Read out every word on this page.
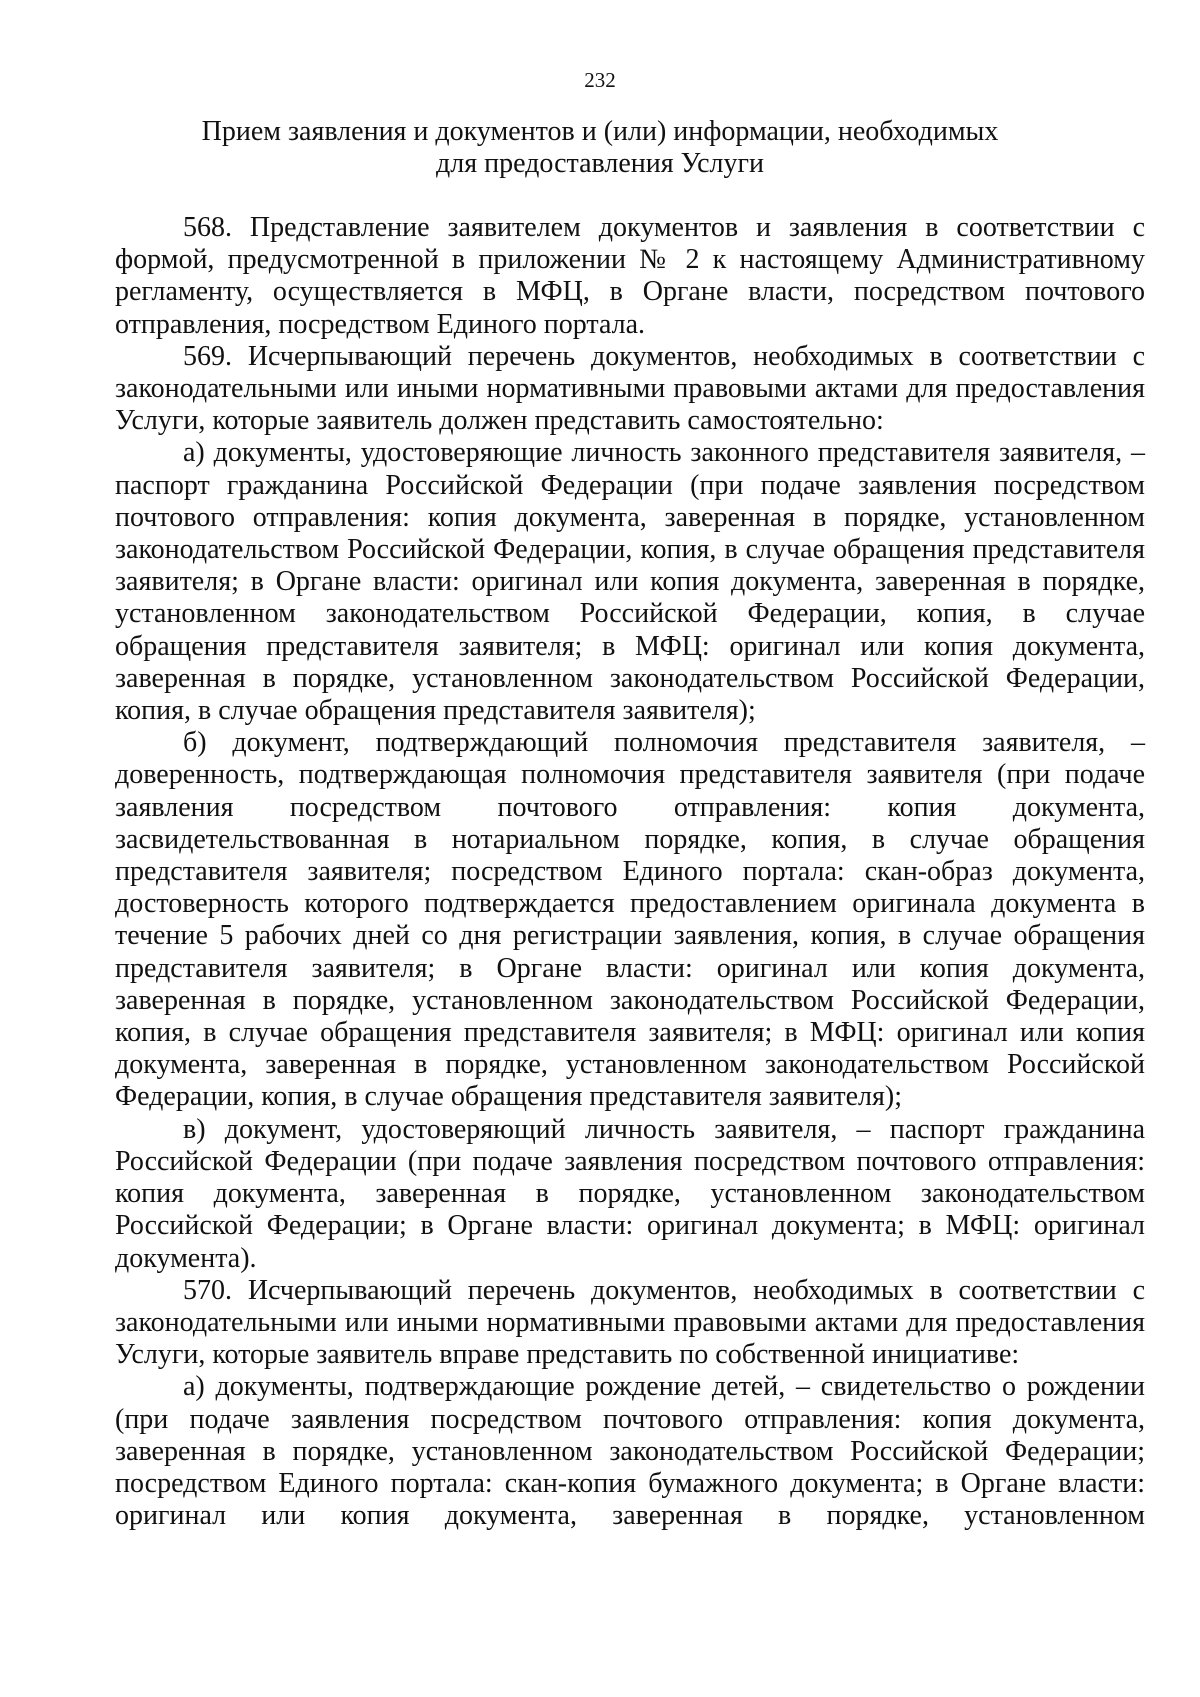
232
Прием заявления и документов и (или) информации, необходимых для предоставления Услуги

568. Представление заявителем документов и заявления в соответствии с формой, предусмотренной в приложении № 2 к настоящему Административному регламенту, осуществляется в МФЦ, в Органе власти, посредством почтового отправления, посредством Единого портала.

569. Исчерпывающий перечень документов, необходимых в соответствии с законодательными или иными нормативными правовыми актами для предоставления Услуги, которые заявитель должен представить самостоятельно:

а) документы, удостоверяющие личность законного представителя заявителя, – паспорт гражданина Российской Федерации (при подаче заявления посредством почтового отправления: копия документа, заверенная в порядке, установленном законодательством Российской Федерации, копия, в случае обращения представителя заявителя; в Органе власти: оригинал или копия документа, заверенная в порядке, установленном законодательством Российской Федерации, копия, в случае обращения представителя заявителя; в МФЦ: оригинал или копия документа, заверенная в порядке, установленном законодательством Российской Федерации, копия, в случае обращения представителя заявителя);

б) документ, подтверждающий полномочия представителя заявителя, – доверенность, подтверждающая полномочия представителя заявителя (при подаче заявления посредством почтового отправления: копия документа, засвидетельствованная в нотариальном порядке, копия, в случае обращения представителя заявителя; посредством Единого портала: скан-образ документа, достоверность которого подтверждается предоставлением оригинала документа в течение 5 рабочих дней со дня регистрации заявления, копия, в случае обращения представителя заявителя; в Органе власти: оригинал или копия документа, заверенная в порядке, установленном законодательством Российской Федерации, копия, в случае обращения представителя заявителя; в МФЦ: оригинал или копия документа, заверенная в порядке, установленном законодательством Российской Федерации, копия, в случае обращения представителя заявителя);

в) документ, удостоверяющий личность заявителя, – паспорт гражданина Российской Федерации (при подаче заявления посредством почтового отправления: копия документа, заверенная в порядке, установленном законодательством Российской Федерации; в Органе власти: оригинал документа; в МФЦ: оригинал документа).

570. Исчерпывающий перечень документов, необходимых в соответствии с законодательными или иными нормативными правовыми актами для предоставления Услуги, которые заявитель вправе представить по собственной инициативе:

а) документы, подтверждающие рождение детей, – свидетельство о рождении (при подаче заявления посредством почтового отправления: копия документа, заверенная в порядке, установленном законодательством Российской Федерации; посредством Единого портала: скан-копия бумажного документа; в Органе власти: оригинал или копия документа, заверенная в порядке, установленном
